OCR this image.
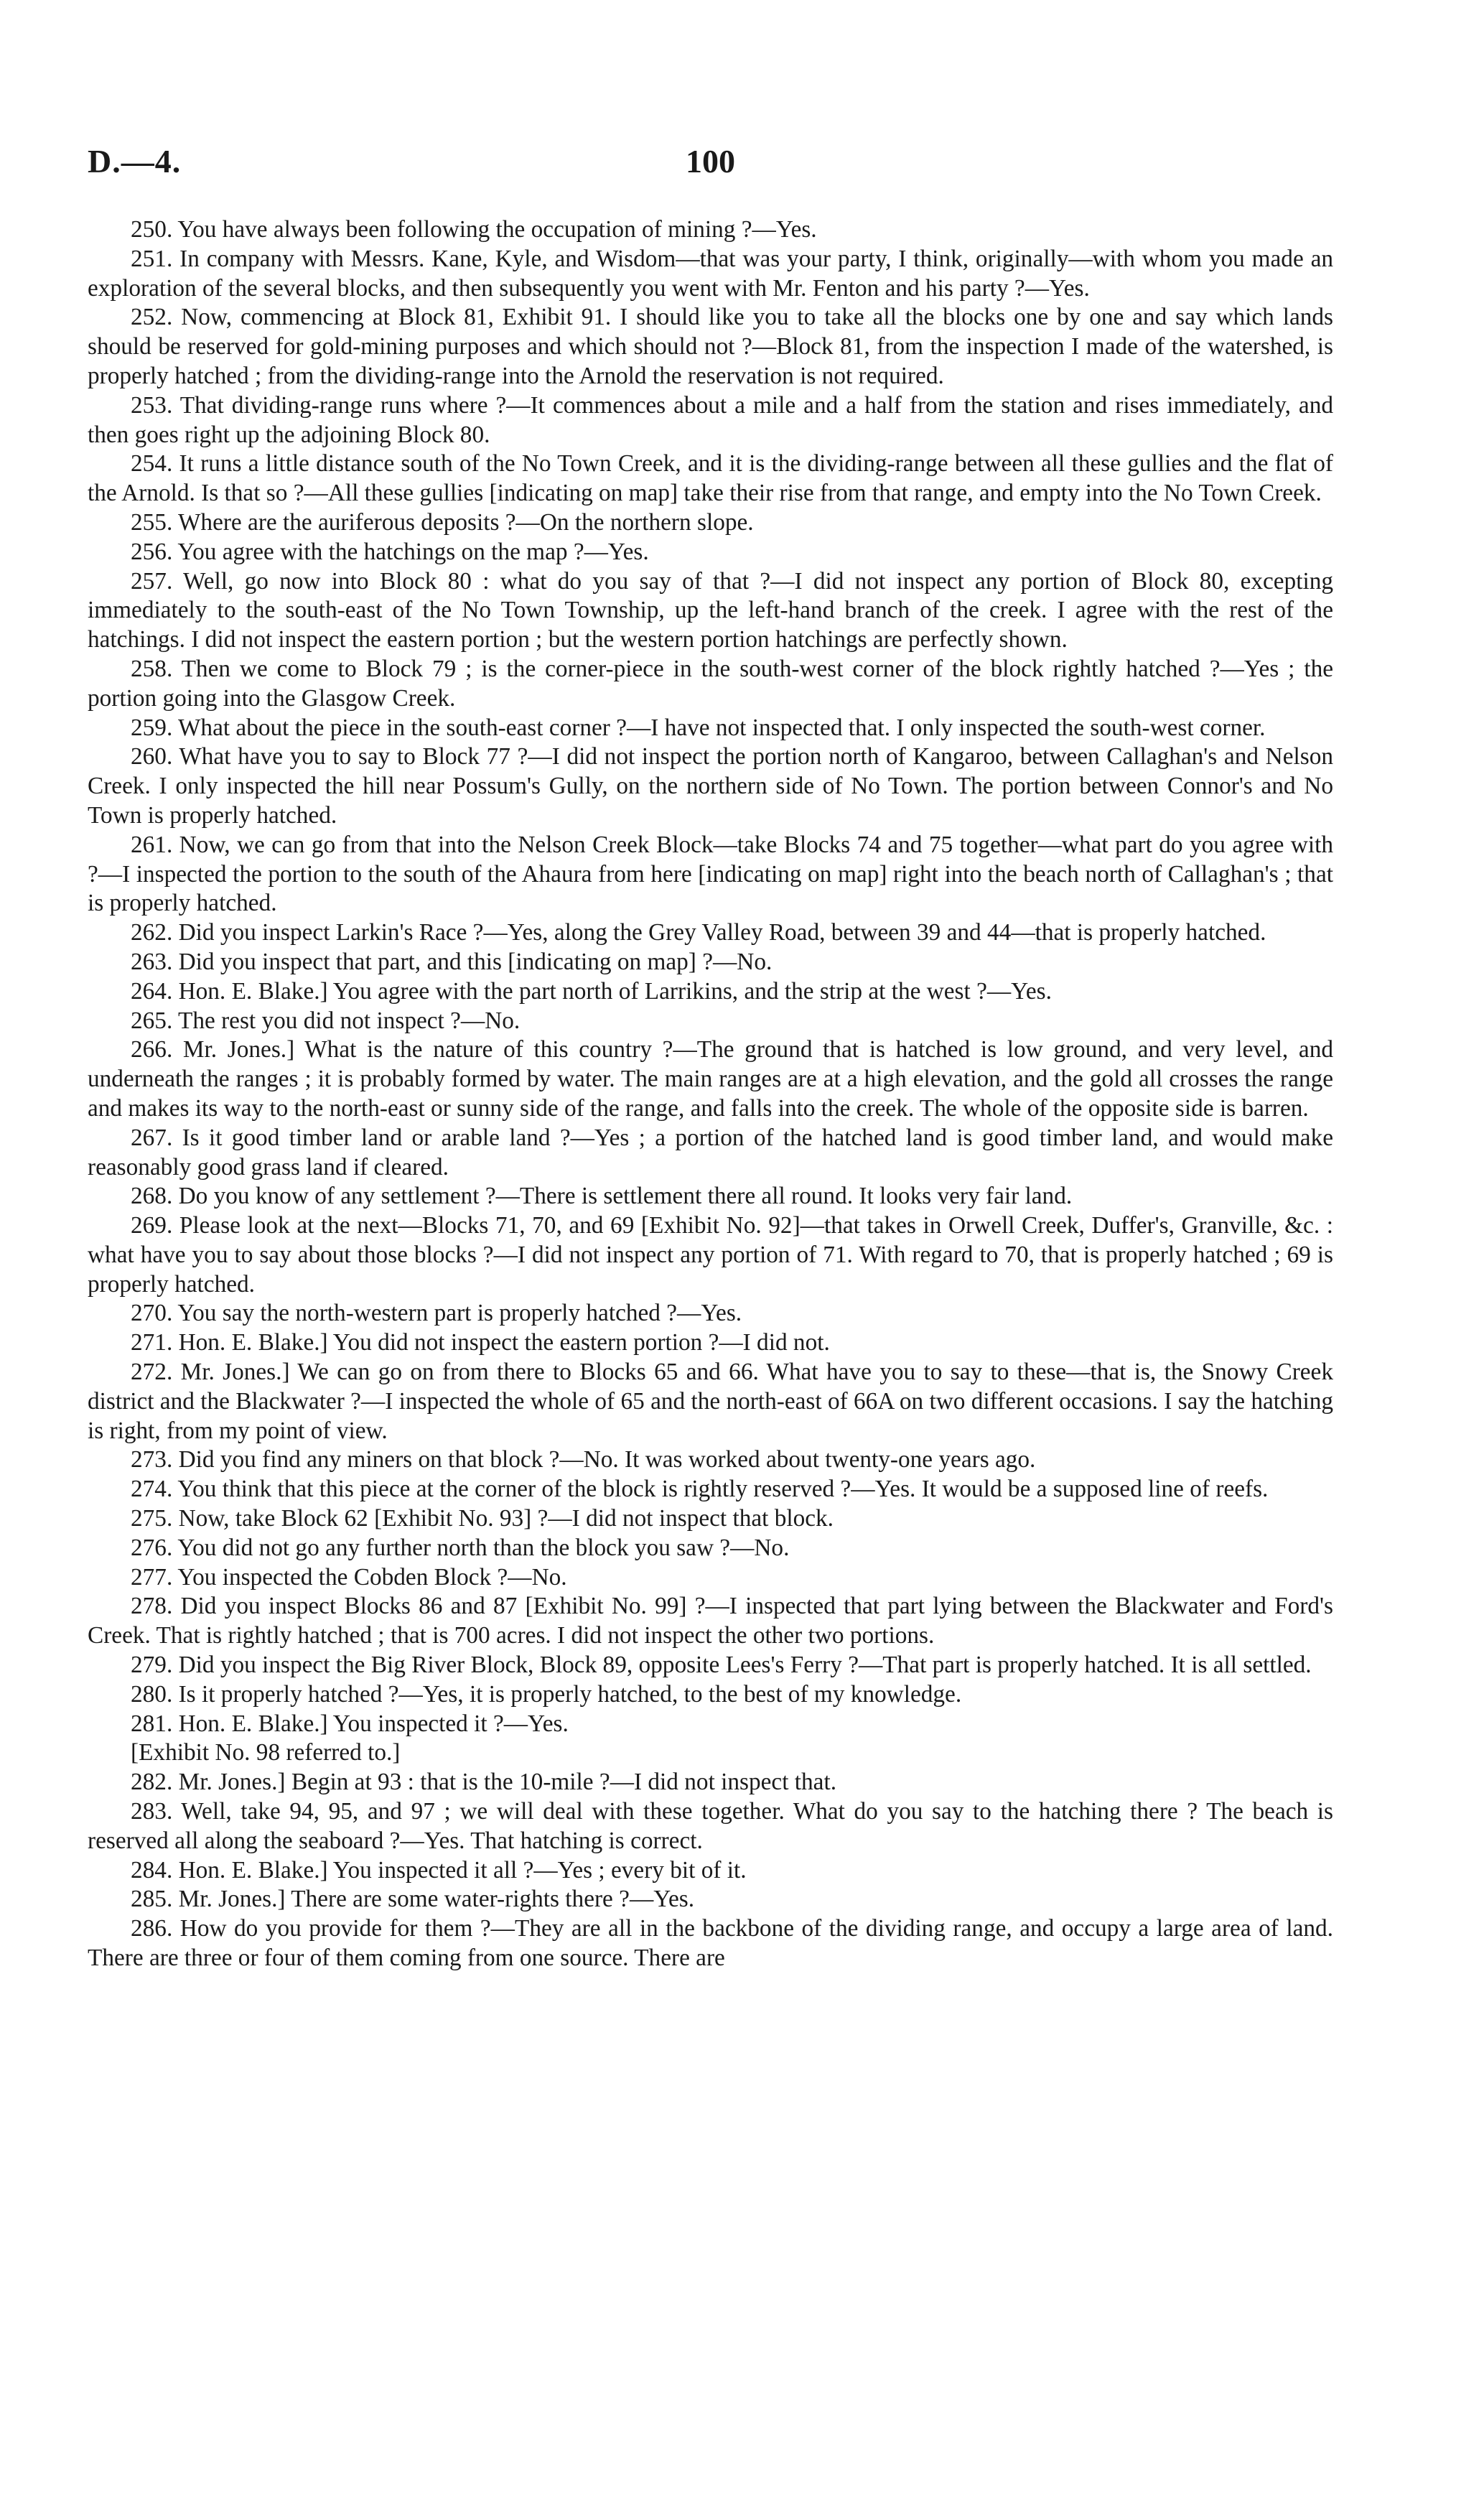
D.—4.	100

250. You have always been following the occupation of mining ?—Yes.

251. In company with Messrs. Kane, Kyle, and Wisdom—that was your party, I think, originally—with whom you made an exploration of the several blocks, and then subsequently you went with Mr. Fenton and his party ?—Yes.

252. Now, commencing at Block 81, Exhibit 91. I should like you to take all the blocks one by one and say which lands should be reserved for gold-mining purposes and which should not ?—Block 81, from the inspection I made of the watershed, is properly hatched ; from the dividing-range into the Arnold the reservation is not required.

253. That dividing-range runs where ?—It commences about a mile and a half from the station and rises immediately, and then goes right up the adjoining Block 80.

254. It runs a little distance south of the No Town Creek, and it is the dividing-range between all these gullies and the flat of the Arnold. Is that so ?—All these gullies [indicating on map] take their rise from that range, and empty into the No Town Creek.

255. Where are the auriferous deposits ?—On the northern slope.

256. You agree with the hatchings on the map ?—Yes.

257. Well, go now into Block 80 : what do you say of that ?—I did not inspect any portion of Block 80, excepting immediately to the south-east of the No Town Township, up the left-hand branch of the creek. I agree with the rest of the hatchings. I did not inspect the eastern portion ; but the western portion hatchings are perfectly shown.

258. Then we come to Block 79 ; is the corner-piece in the south-west corner of the block rightly hatched ?—Yes ; the portion going into the Glasgow Creek.

259. What about the piece in the south-east corner ?—I have not inspected that. I only inspected the south-west corner.

260. What have you to say to Block 77 ?—I did not inspect the portion north of Kangaroo, between Callaghan's and Nelson Creek. I only inspected the hill near Possum's Gully, on the northern side of No Town. The portion between Connor's and No Town is properly hatched.

261. Now, we can go from that into the Nelson Creek Block—take Blocks 74 and 75 together—what part do you agree with ?—I inspected the portion to the south of the Ahaura from here [indicating on map] right into the beach north of Callaghan's ; that is properly hatched.

262. Did you inspect Larkin's Race ?—Yes, along the Grey Valley Road, between 39 and 44—that is properly hatched.

263. Did you inspect that part, and this [indicating on map] ?—No.

264. Hon. E. Blake.] You agree with the part north of Larrikins, and the strip at the west ?—Yes.

265. The rest you did not inspect ?—No.

266. Mr. Jones.] What is the nature of this country ?—The ground that is hatched is low ground, and very level, and underneath the ranges ; it is probably formed by water. The main ranges are at a high elevation, and the gold all crosses the range and makes its way to the north-east or sunny side of the range, and falls into the creek. The whole of the opposite side is barren.

267. Is it good timber land or arable land ?—Yes ; a portion of the hatched land is good timber land, and would make reasonably good grass land if cleared.

268. Do you know of any settlement ?—There is settlement there all round. It looks very fair land.

269. Please look at the next—Blocks 71, 70, and 69 [Exhibit No. 92]—that takes in Orwell Creek, Duffer's, Granville, &c. : what have you to say about those blocks ?—I did not inspect any portion of 71. With regard to 70, that is properly hatched ; 69 is properly hatched.

270. You say the north-western part is properly hatched ?—Yes.

271. Hon. E. Blake.] You did not inspect the eastern portion ?—I did not.

272. Mr. Jones.] We can go on from there to Blocks 65 and 66. What have you to say to these—that is, the Snowy Creek district and the Blackwater ?—I inspected the whole of 65 and the north-east of 66A on two different occasions. I say the hatching is right, from my point of view.

273. Did you find any miners on that block ?—No. It was worked about twenty-one years ago.

274. You think that this piece at the corner of the block is rightly reserved ?—Yes. It would be a supposed line of reefs.

275. Now, take Block 62 [Exhibit No. 93] ?—I did not inspect that block.

276. You did not go any further north than the block you saw ?—No.

277. You inspected the Cobden Block ?—No.

278. Did you inspect Blocks 86 and 87 [Exhibit No. 99] ?—I inspected that part lying between the Blackwater and Ford's Creek. That is rightly hatched ; that is 700 acres. I did not inspect the other two portions.

279. Did you inspect the Big River Block, Block 89, opposite Lees's Ferry ?—That part is properly hatched. It is all settled.

280. Is it properly hatched ?—Yes, it is properly hatched, to the best of my knowledge.

281. Hon. E. Blake.] You inspected it ?—Yes.

[Exhibit No. 98 referred to.]

282. Mr. Jones.] Begin at 93 : that is the 10-mile ?—I did not inspect that.

283. Well, take 94, 95, and 97 ; we will deal with these together. What do you say to the hatching there ? The beach is reserved all along the seaboard ?—Yes. That hatching is correct.

284. Hon. E. Blake.] You inspected it all ?—Yes ; every bit of it.

285. Mr. Jones.] There are some water-rights there ?—Yes.

286. How do you provide for them ?—They are all in the backbone of the dividing range, and occupy a large area of land. There are three or four of them coming from one source. There are
